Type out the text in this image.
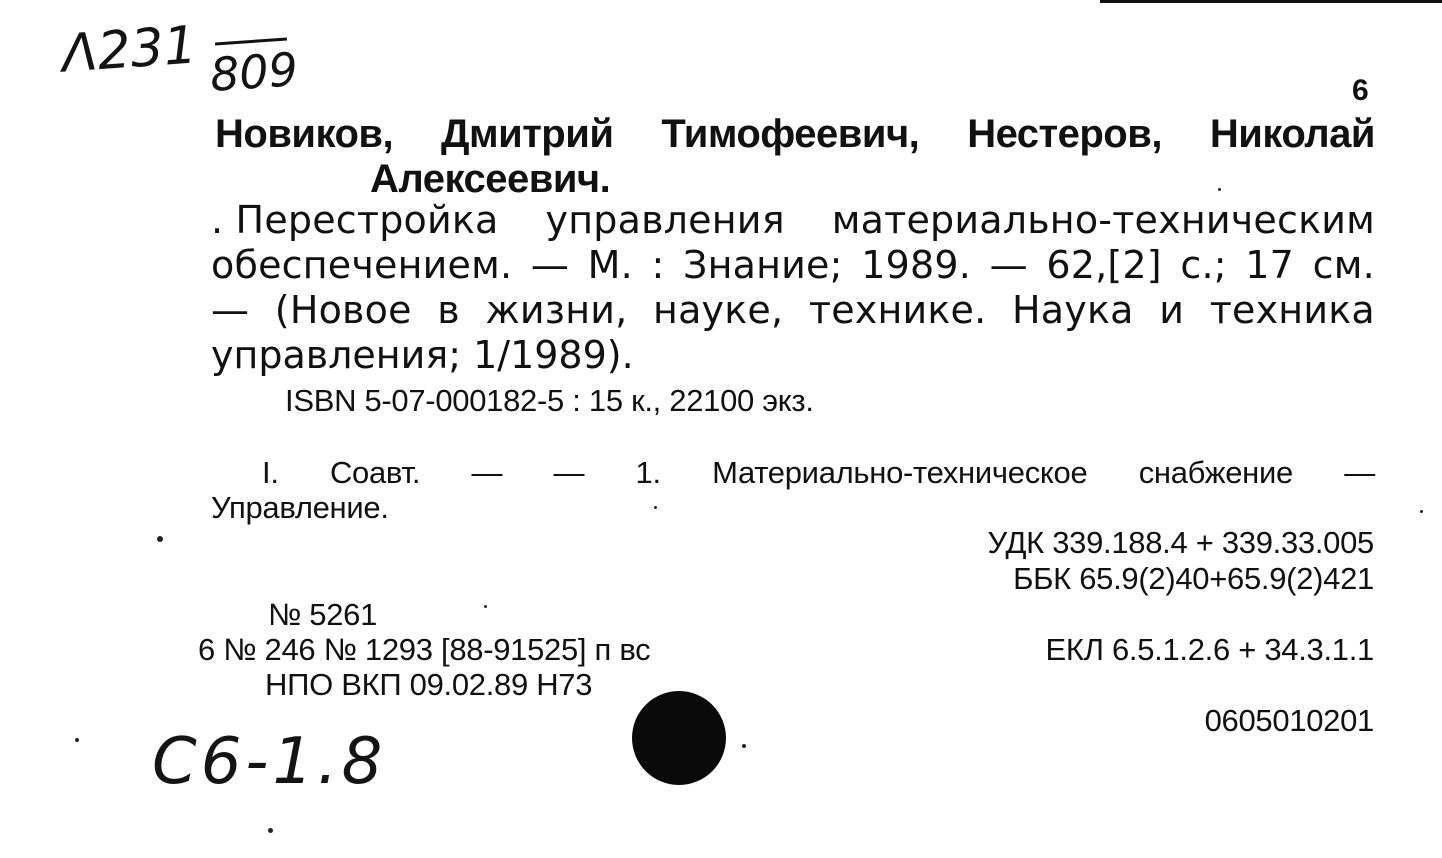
Λ231 809	6
Новиков, Дмитрий Тимофеевич, Нестеров, Николай
Алексеевич.
. Перестройка управления материально-техническим
обеспечением. — М. : Знание; 1989. — 62,[2] с.; 17 см.
— (Новое в жизни, науке, технике. Наука и техника
управления; 1/1989).
ISBN 5-07-000182-5 : 15 к., 22100 экз.
I. Соавт. — — 1. Материально-техническое снабжение —
Управление.
УДК 339.188.4 + 339.33.005
ББК 65.9(2)40+65.9(2)421
ЕКЛ 6.5.1.2.6 + 34.3.1.1
0605010201
№ 5261
6 № 246 № 1293 [88-91525] п вс
НПО ВКП 09.02.89 Н73
C6-1.8
